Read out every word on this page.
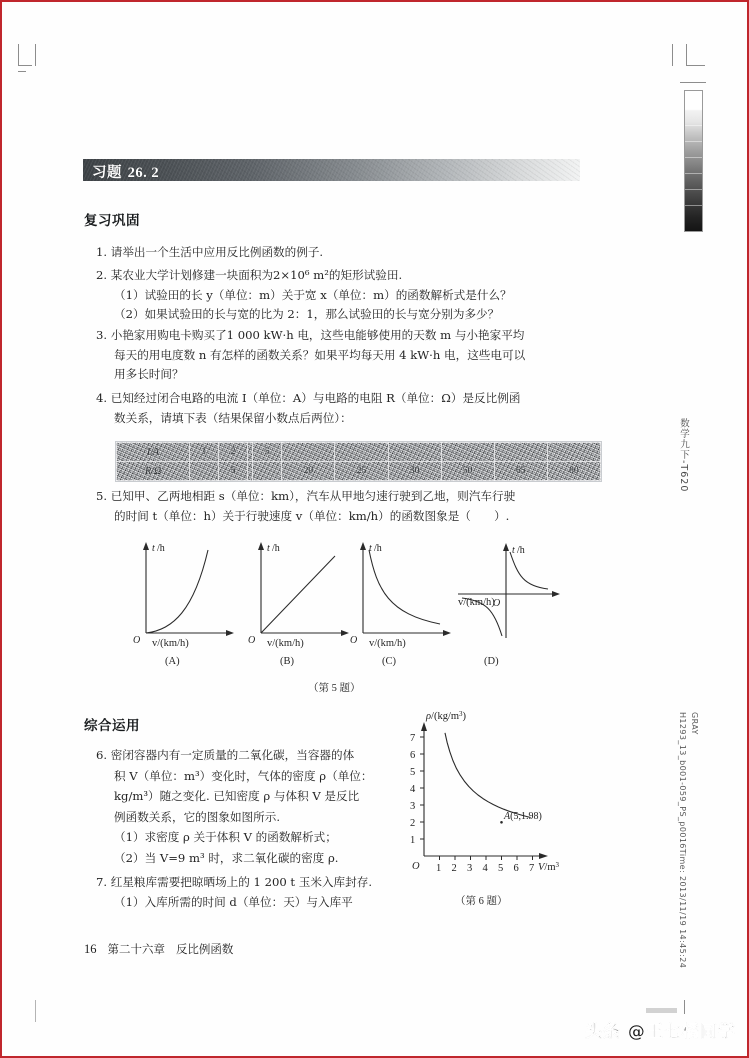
习题 26. 2
复习巩固
1. 请举出一个生活中应用反比例函数的例子.
2. 某农业大学计划修建一块面积为2×10⁶ m²的矩形试验田.
（1）试验田的长 y（单位：m）关于宽 x（单位：m）的函数解析式是什么？
（2）如果试验田的长与宽的比为 2：1，那么试验田的长与宽分别为多少？
3. 小艳家用购电卡购买了1 000 kW·h 电，这些电能够使用的天数 m 与小艳家平均
每天的用电度数 n 有怎样的函数关系？如果平均每天用 4 kW·h 电，这些电可以
用多长时间？
4. 已知经过闭合电路的电流 I（单位：A）与电路的电阻 R（单位：Ω）是反比例函
数关系，请填下表（结果保留小数点后两位）：
I/A	1	2		5						
R/Ω		5			20	25	30	50	65	80
5. 已知甲、乙两地相距 s（单位：km），汽车从甲地匀速行驶到乙地，则汽车行驶
的时间 t（单位：h）关于行驶速度 v（单位：km/h）的函数图象是（　　）.
t /h
O v/(km/h)
(A)
t /h
O v/(km/h)
(B)
t /h
O v/(km/h)
(C)
t /h
O
v/(km/h)
(D)
（第 5 题）
综合运用
6. 密闭容器内有一定质量的二氧化碳，当容器的体
积 V（单位：m³）变化时，气体的密度 ρ（单位：
kg/m³）随之变化. 已知密度 ρ 与体积 V 是反比
例函数关系，它的图象如图所示.
（1）求密度 ρ 关于体积 V 的函数解析式；
（2）当 V=9 m³ 时，求二氧化碳的密度 ρ.
1
2
3
4
5
6
7
1 2 3 4 5 6 7
A(5,1.98)
$\rho/(kg/m^3)$
$V/m^3$
O
（第 6 题）
7. 红星粮库需要把晾晒场上的 1 200 t 玉米入库封存.
（1）入库所需的时间 d（单位：天）与入库平
16 第二十六章 反比例函数
数学九下-T620
H1293_13_b001-059_PS_p0016Time: 2013/11/19 14:45:24 GRAY
头条 @王七橘同学
